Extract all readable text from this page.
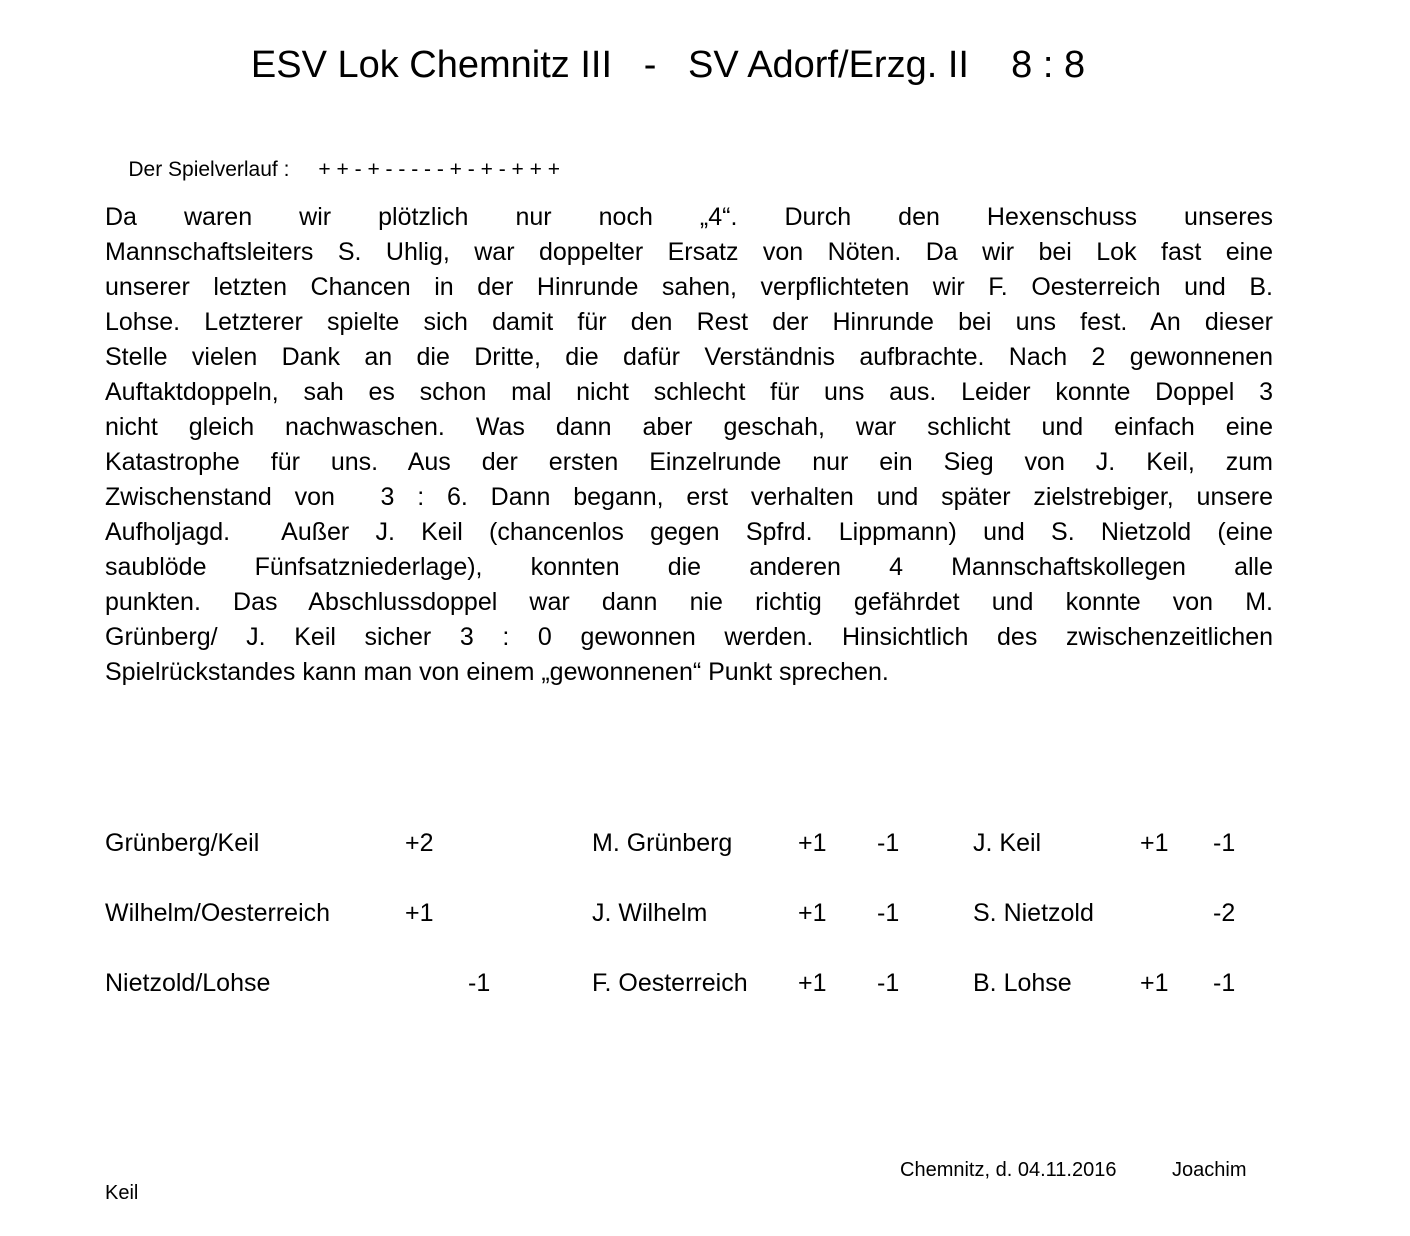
ESV Lok Chemnitz III   -   SV Adorf/Erzg. II    8 : 8

Der Spielverlauf : + + - + - - - - - + - + - + + +

Da waren wir plötzlich nur noch „4“. Durch den Hexenschuss unseres
Mannschaftsleiters S. Uhlig, war doppelter Ersatz von Nöten. Da wir bei Lok fast eine
unserer letzten Chancen in der Hinrunde sahen, verpflichteten wir F. Oesterreich und B.
Lohse. Letzterer spielte sich damit für den Rest der Hinrunde bei uns fest. An dieser
Stelle vielen Dank an die Dritte, die dafür Verständnis aufbrachte. Nach 2 gewonnenen
Auftaktdoppeln, sah es schon mal nicht schlecht für uns aus. Leider konnte Doppel 3
nicht gleich nachwaschen. Was dann aber geschah, war schlicht und einfach eine
Katastrophe für uns. Aus der ersten Einzelrunde nur ein Sieg von J. Keil, zum
Zwischenstand von  3 : 6. Dann begann, erst verhalten und später zielstrebiger, unsere
Aufholjagd.  Außer J. Keil (chancenlos gegen Spfrd. Lippmann) und S. Nietzold (eine
saublöde Fünfsatzniederlage), konnten die anderen 4 Mannschaftskollegen alle
punkten. Das Abschlussdoppel war dann nie richtig gefährdet und konnte von M.
Grünberg/ J. Keil sicher 3 : 0 gewonnen werden. Hinsichtlich des zwischenzeitlichen
Spielrückstandes kann man von einem „gewonnenen“ Punkt sprechen.
Grünberg/Keil	+2	M. Grünberg	+1 -1	J. Keil	+1 -1
Wilhelm/Oesterreich	+1	J. Wilhelm	+1 -1	S. Nietzold	-2
Nietzold/Lohse	-1	F. Oesterreich +1 -1	B. Lohse	+1 -1
Chemnitz, d. 04.11.2016	Joachim
Keil
